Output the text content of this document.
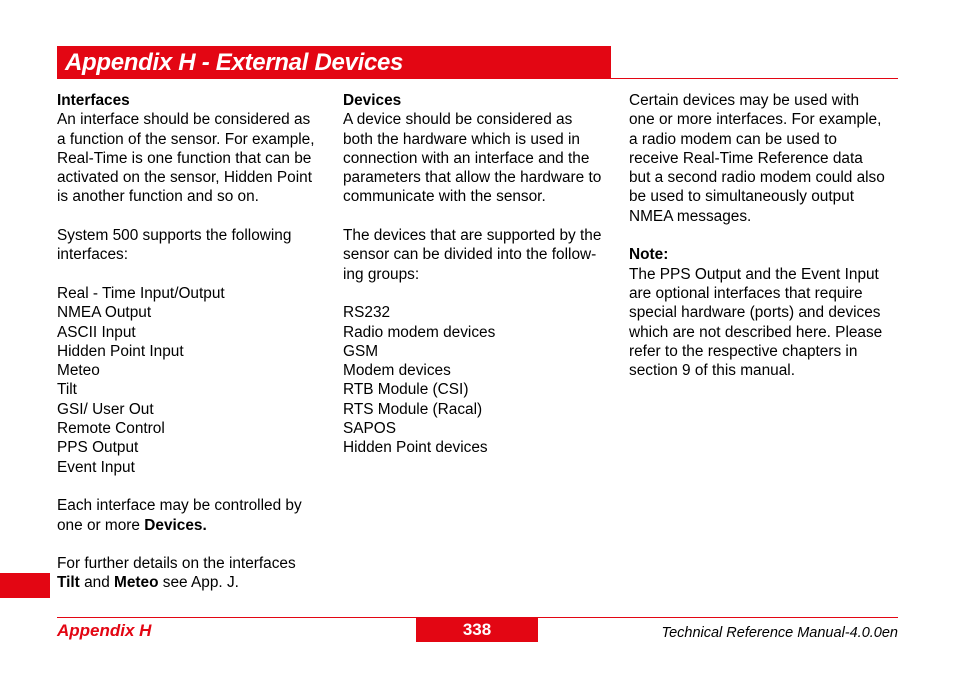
Appendix H - External Devices

Interfaces

An interface should be considered as

a function of the sensor. For example,

Real-Time is one function that can be

activated on the sensor, Hidden Point

is another function and so on.

System 500 supports the following

interfaces:

Real - Time Input/Output

NMEA Output

ASCII Input

Hidden Point Input

Meteo

Tilt

GSI/ User Out

Remote Control

PPS Output

Event Input

Each interface may be controlled by

one or more Devices.

For further details on the interfaces

Tilt and Meteo see App. J.

Devices

A device should be considered as

both the hardware which is used in

connection with an interface and the

parameters that allow the hardware to

communicate with the sensor.

The devices that are supported by the

sensor can be divided into the follow-

ing groups:

RS232

Radio modem devices

GSM

Modem devices

RTB Module (CSI)

RTS Module (Racal)

SAPOS

Hidden Point devices

Certain devices may be used with

one or more interfaces. For example,

a radio modem can be used to

receive Real-Time Reference data

but a second radio modem could also

be used to simultaneously output

NMEA messages.

Note:

The PPS Output and the Event Input

are optional interfaces that require

special hardware (ports) and devices

which are not described here. Please

refer to the respective chapters in

section 9 of this manual.

Appendix H	338	Technical Reference Manual-4.0.0en
